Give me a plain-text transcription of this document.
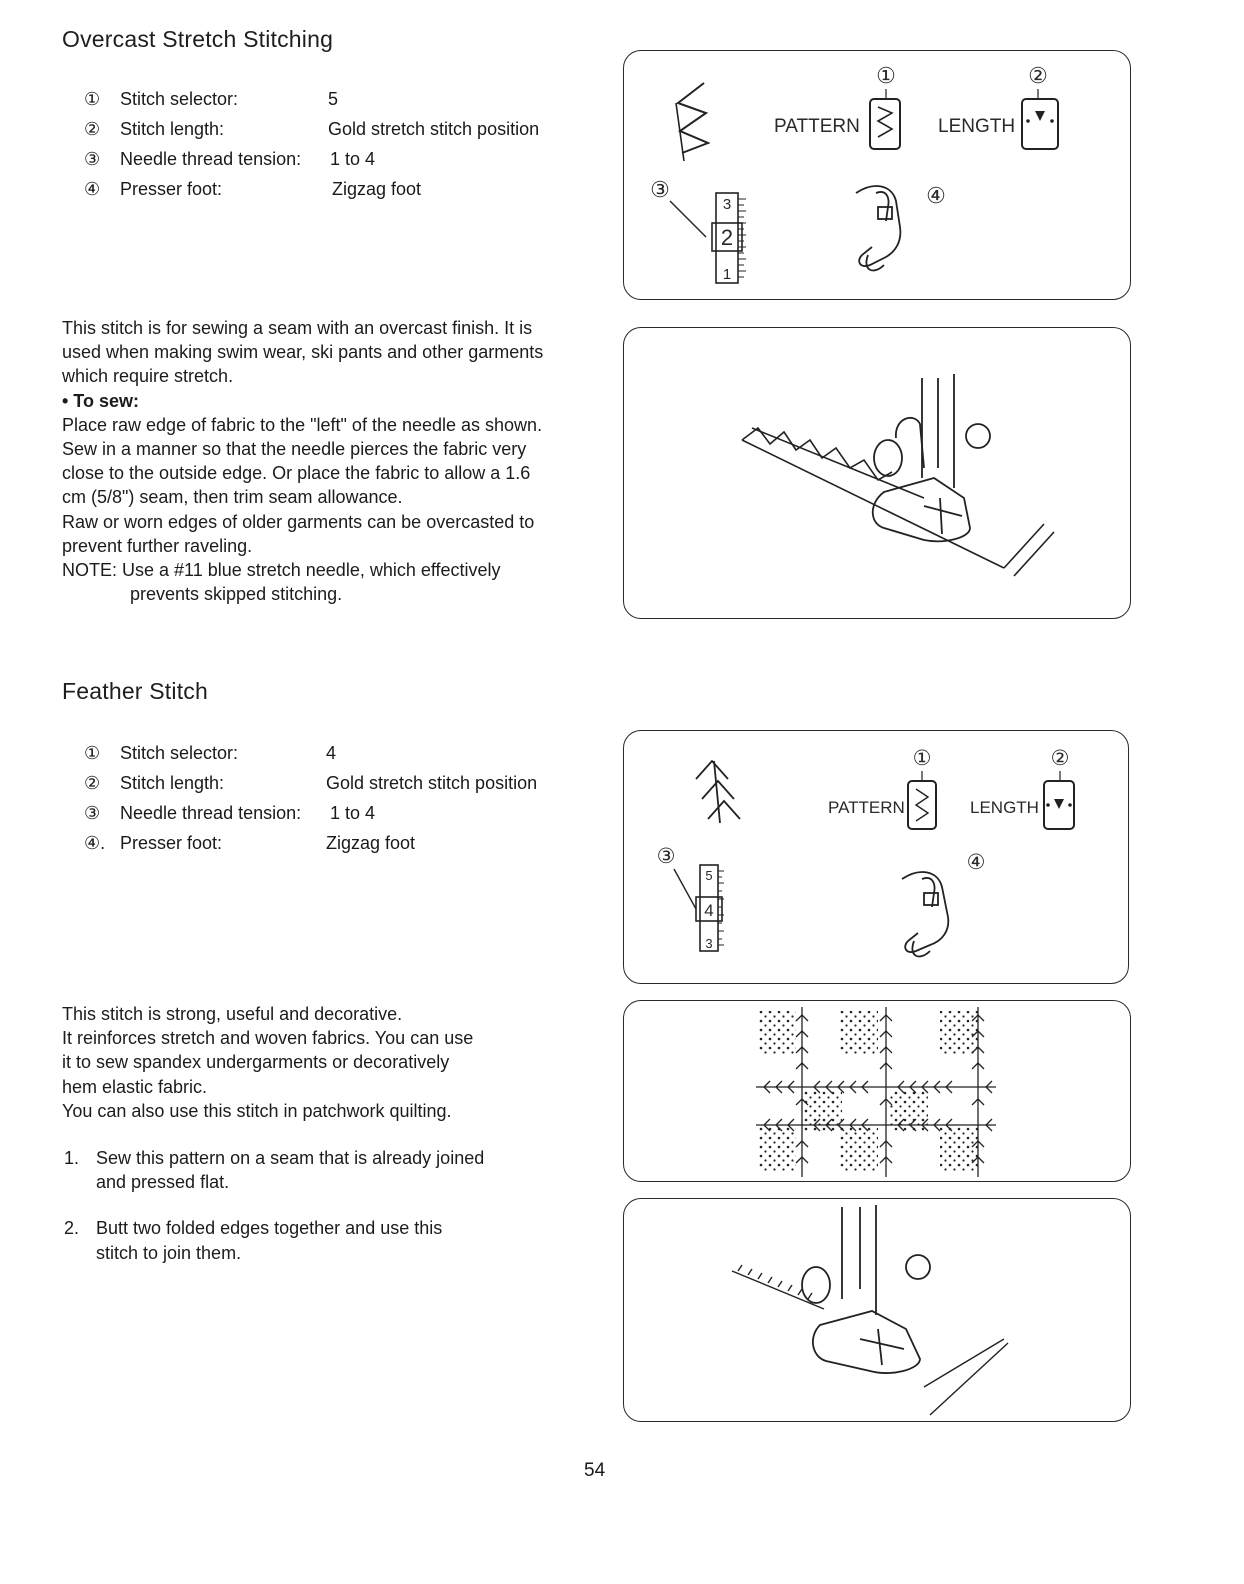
Overcast Stretch Stitching
① Stitch selector:	5
② Stitch length:	Gold stretch stitch position
③ Needle thread tension: 1 to 4
④ Presser foot:	Zigzag foot

This stitch is for sewing a seam with an overcast finish. It is

used when making swim wear, ski pants and other garments

which require stretch.

• To sew:

Place raw edge of fabric to the "left" of the needle as shown.

Sew in a manner so that the needle pierces the fabric very

close to the outside edge. Or place the fabric to allow a 1.6

cm (5/8") seam, then trim seam allowance.

Raw or worn edges of older garments can be overcasted to

prevent further raveling.

NOTE: Use a #11 blue stretch needle, which effectively

prevents skipped stitching.

PATTERN
①
LENGTH
②
③
3
2
1
④
Feather Stitch
① Stitch selector:	4
② Stitch length:	Gold stretch stitch position
③ Needle thread tension: 1 to 4
④. Presser foot:	Zigzag foot

This stitch is strong, useful and decorative.

It reinforces stretch and woven fabrics. You can use

it to sew spandex undergarments or decoratively

hem elastic fabric.

You can also use this stitch in patchwork quilting.

1. Sew this pattern on a seam that is already joined

and pressed flat.

2. Butt two folded edges together and use this

stitch to join them.

PATTERN
①
LENGTH
②
③
5
4
3
④
54
